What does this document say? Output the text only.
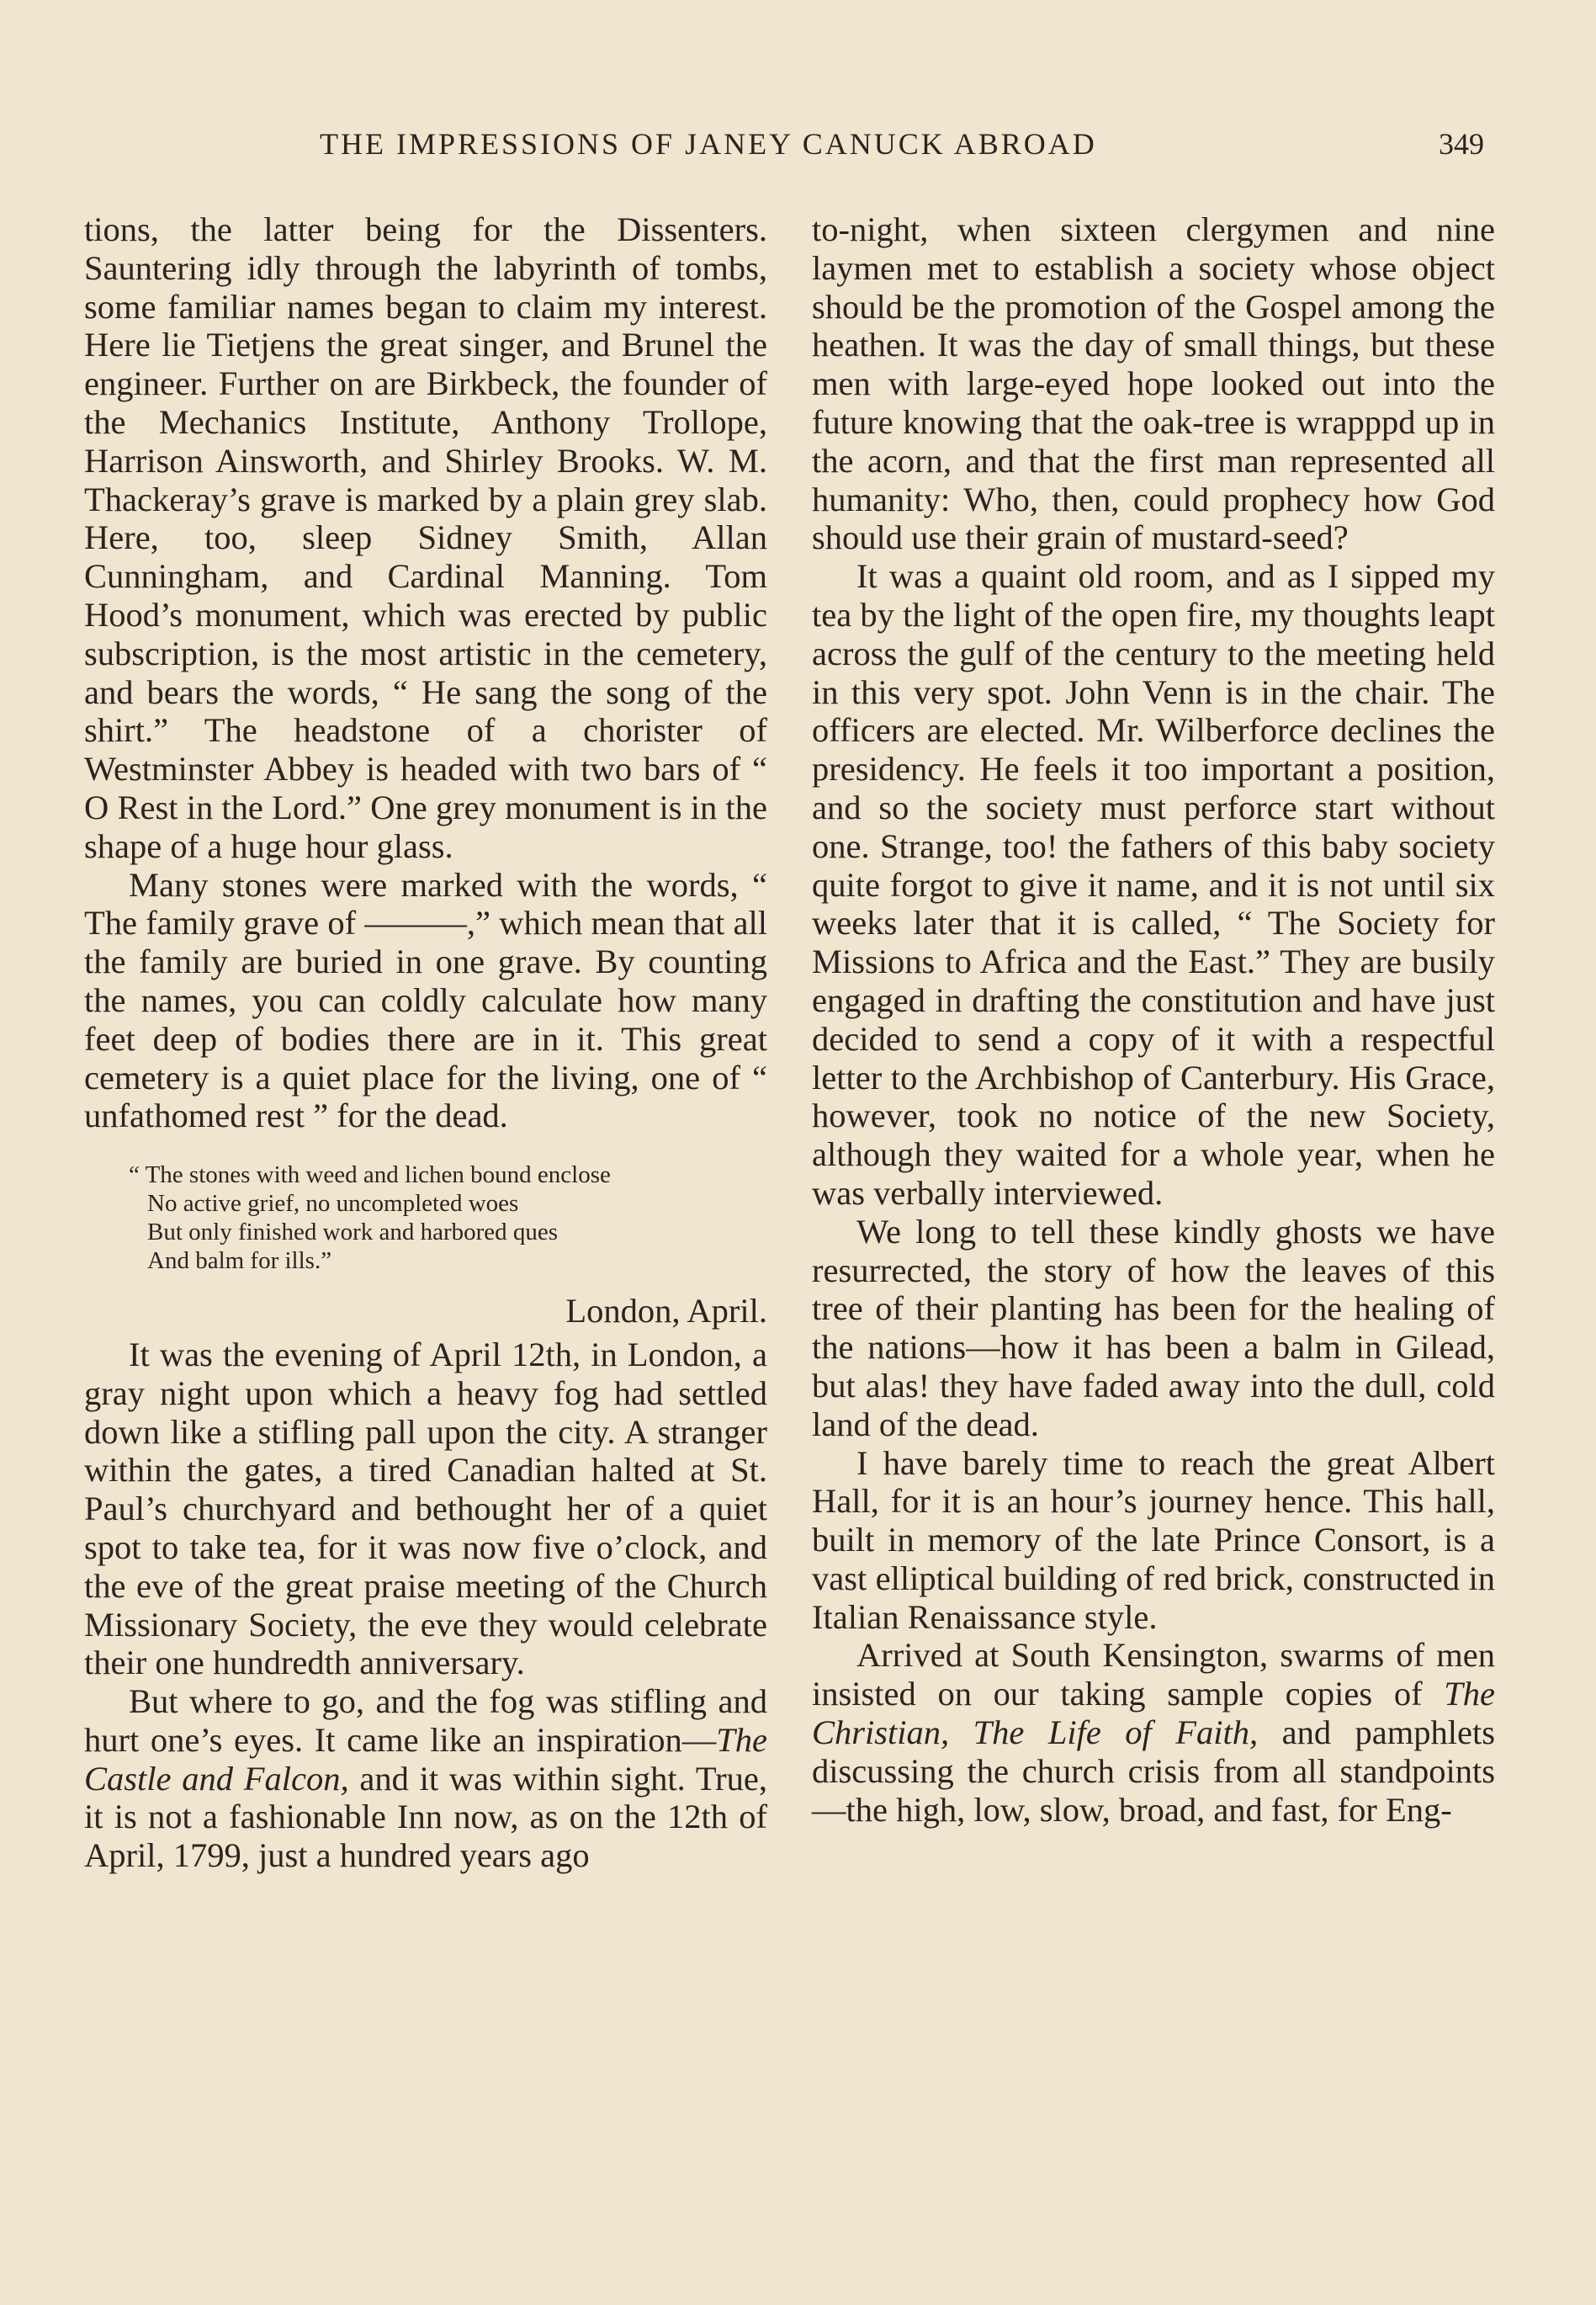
THE IMPRESSIONS OF JANEY CANUCK ABROAD	349

tions, the latter being for the Dissenters. Sauntering idly through the labyrinth of tombs, some familiar names began to claim my interest. Here lie Tietjens the great singer, and Brunel the engineer. Further on are Birkbeck, the founder of the Mechanics Institute, Anthony Trollope, Harrison Ainsworth, and Shirley Brooks. W. M. Thackeray’s grave is marked by a plain grey slab. Here, too, sleep Sidney Smith, Allan Cunningham, and Cardinal Manning. Tom Hood’s monument, which was erected by public subscription, is the most artistic in the cemetery, and bears the words, “ He sang the song of the shirt.” The headstone of a chorister of Westminster Abbey is headed with two bars of “ O Rest in the Lord.” One grey monument is in the shape of a huge hour glass.

Many stones were marked with the words, “ The family grave of ———,” which mean that all the family are buried in one grave. By counting the names, you can coldly calculate how many feet deep of bodies there are in it. This great cemetery is a quiet place for the living, one of “ unfathomed rest ” for the dead.

“ The stones with weed and lichen bound enclose
No active grief, no uncompleted woes
But only finished work and harbored ques
And balm for ills.”
London, April.

It was the evening of April 12th, in London, a gray night upon which a heavy fog had settled down like a stifling pall upon the city. A stranger within the gates, a tired Canadian halted at St. Paul’s churchyard and bethought her of a quiet spot to take tea, for it was now five o’clock, and the eve of the great praise meeting of the Church Missionary Society, the eve they would celebrate their one hundredth anniversary.

But where to go, and the fog was stifling and hurt one’s eyes. It came like an inspiration—The Castle and Falcon, and it was within sight. True, it is not a fashionable Inn now, as on the 12th of April, 1799, just a hundred years ago

to-night, when sixteen clergymen and nine laymen met to establish a society whose object should be the promotion of the Gospel among the heathen. It was the day of small things, but these men with large-eyed hope looked out into the future knowing that the oak-tree is wrapppd up in the acorn, and that the first man represented all humanity: Who, then, could prophecy how God should use their grain of mustard-seed?

It was a quaint old room, and as I sipped my tea by the light of the open fire, my thoughts leapt across the gulf of the century to the meeting held in this very spot. John Venn is in the chair. The officers are elected. Mr. Wilberforce declines the presidency. He feels it too important a position, and so the society must perforce start without one. Strange, too! the fathers of this baby society quite forgot to give it name, and it is not until six weeks later that it is called, “ The Society for Missions to Africa and the East.” They are busily engaged in drafting the constitution and have just decided to send a copy of it with a respectful letter to the Archbishop of Canterbury. His Grace, however, took no notice of the new Society, although they waited for a whole year, when he was verbally interviewed.

We long to tell these kindly ghosts we have resurrected, the story of how the leaves of this tree of their planting has been for the healing of the nations—how it has been a balm in Gilead, but alas! they have faded away into the dull, cold land of the dead.

I have barely time to reach the great Albert Hall, for it is an hour’s journey hence. This hall, built in memory of the late Prince Consort, is a vast elliptical building of red brick, constructed in Italian Renaissance style.

Arrived at South Kensington, swarms of men insisted on our taking sample copies of The Christian, The Life of Faith, and pamphlets discussing the church crisis from all standpoints—the high, low, slow, broad, and fast, for Eng-
